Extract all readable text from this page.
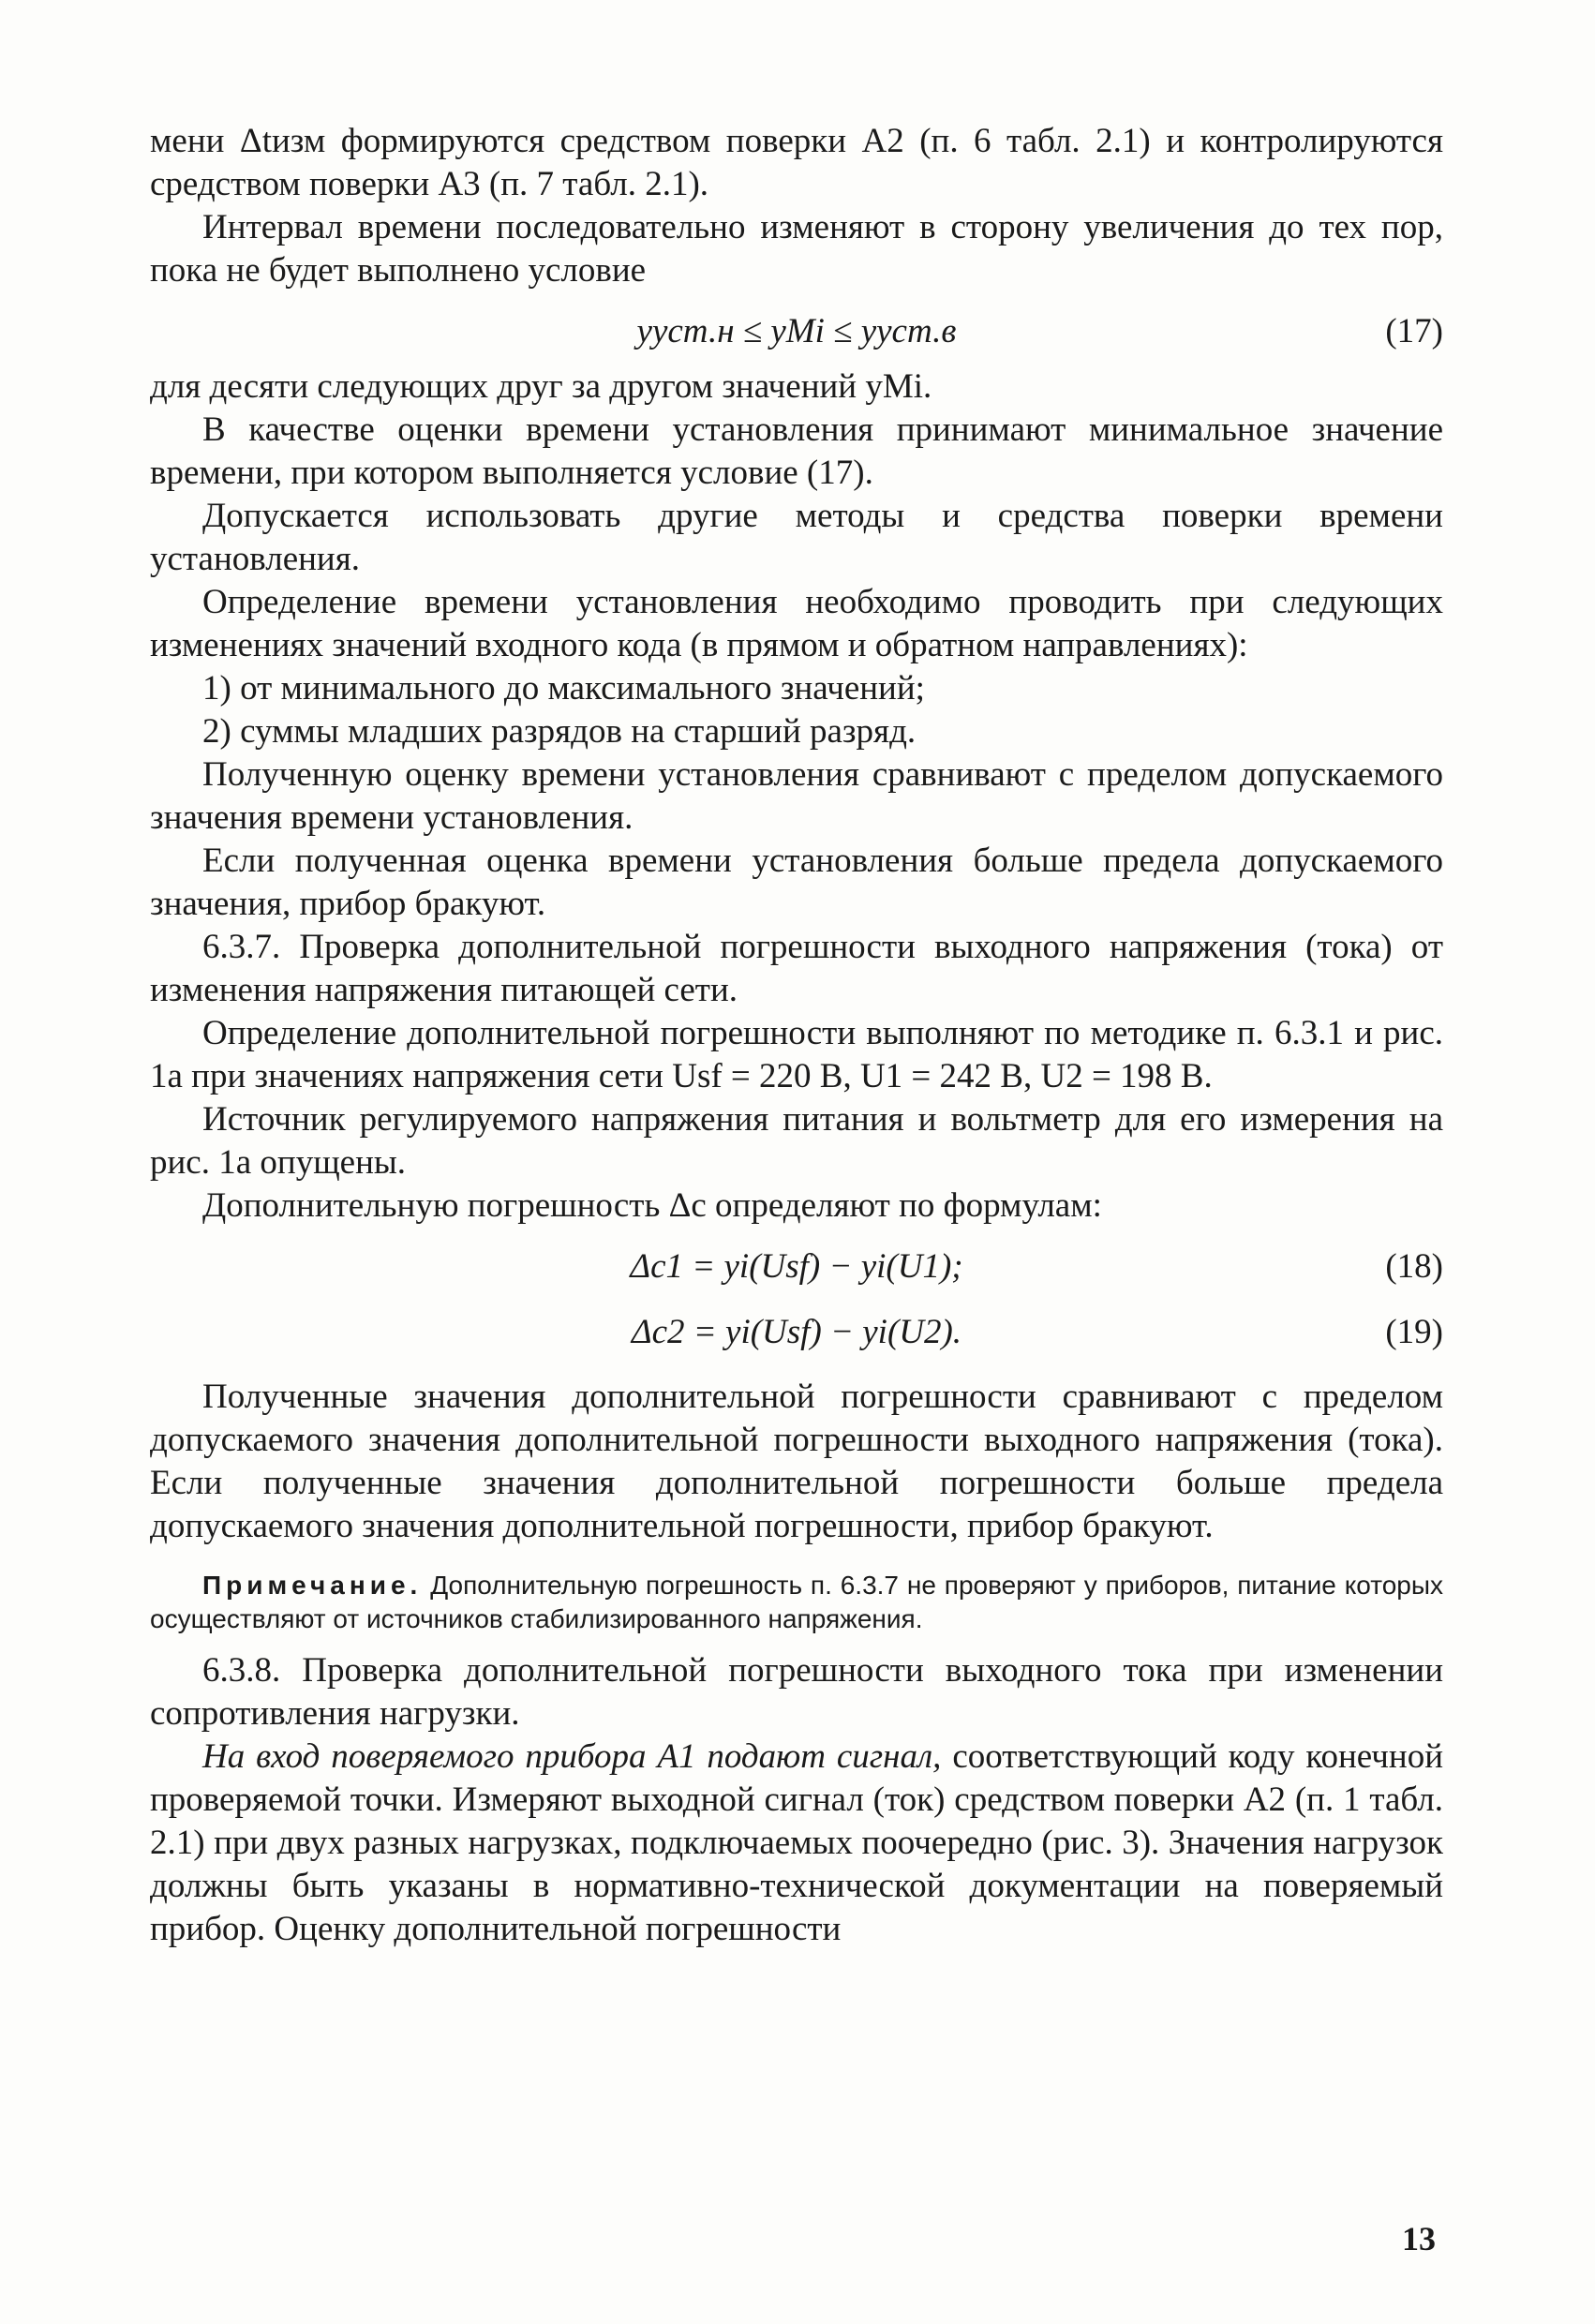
мени Δtизм формируются средством поверки А2 (п. 6 табл. 2.1) и контролируются средством поверки А3 (п. 7 табл. 2.1).

Интервал времени последовательно изменяют в сторону увеличения до тех пор, пока не будет выполнено условие

yуст.н ≤ yMi ≤ yуст.в	(17)

для десяти следующих друг за другом значений yMi.

В качестве оценки времени установления принимают минимальное значение времени, при котором выполняется условие (17).

Допускается использовать другие методы и средства поверки времени установления.

Определение времени установления необходимо проводить при следующих изменениях значений входного кода (в прямом и обратном направлениях):

1) от минимального до максимального значений;

2) суммы младших разрядов на старший разряд.

Полученную оценку времени установления сравнивают с пределом допускаемого значения времени установления.

Если полученная оценка времени установления больше предела допускаемого значения, прибор бракуют.

6.3.7. Проверка дополнительной погрешности выходного напряжения (тока) от изменения напряжения питающей сети.

Определение дополнительной погрешности выполняют по методике п. 6.3.1 и рис. 1а при значениях напряжения сети Usf = 220 В, U1 = 242 В, U2 = 198 В.

Источник регулируемого напряжения питания и вольтметр для его измерения на рис. 1а опущены.

Дополнительную погрешность Δc определяют по формулам:

Δc1 = yi(Usf) − yi(U1);	(18)
Δc2 = yi(Usf) − yi(U2).	(19)

Полученные значения дополнительной погрешности сравнивают с пределом допускаемого значения дополнительной погрешности выходного напряжения (тока). Если полученные значения дополнительной погрешности больше предела допускаемого значения дополнительной погрешности, прибор бракуют.

Примечание. Дополнительную погрешность п. 6.3.7 не проверяют у приборов, питание которых осуществляют от источников стабилизированного напряжения.

6.3.8. Проверка дополнительной погрешности выходного тока при изменении сопротивления нагрузки.

На вход поверяемого прибора А1 подают сигнал, соответствующий коду конечной проверяемой точки. Измеряют выходной сигнал (ток) средством поверки А2 (п. 1 табл. 2.1) при двух разных нагрузках, подключаемых поочередно (рис. 3). Значения нагрузок должны быть указаны в нормативно-технической документации на поверяемый прибор. Оценку дополнительной погрешности

13
